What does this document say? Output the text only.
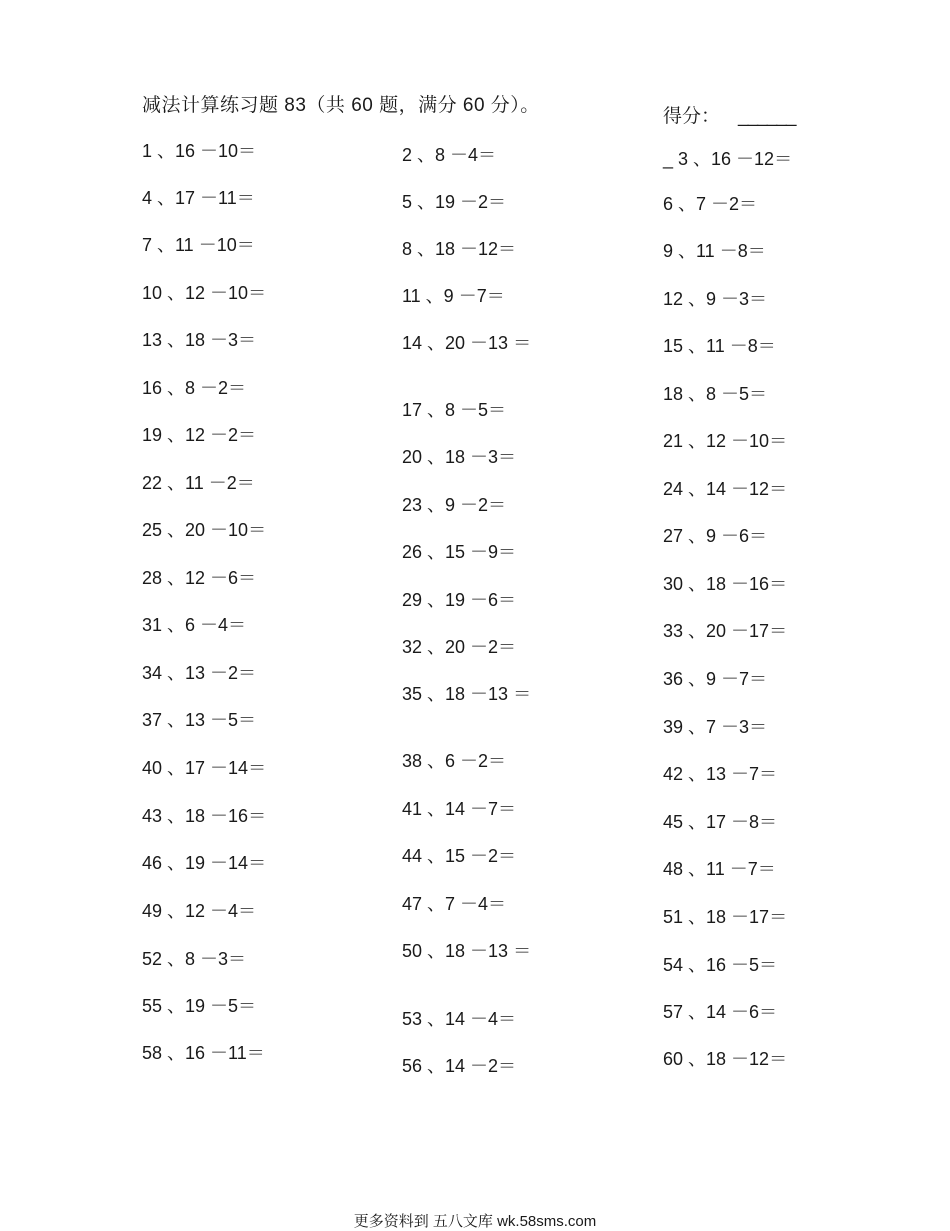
减法计算练习题 83（共 60 题，满分 60 分）。
得分： ______
1 、16 －10＝
4 、17 －11＝
7 、11 －10＝
10 、12 －10＝
13 、18 －3＝
16 、8 －2＝
19 、12 －2＝
22 、11 －2＝
25 、20 －10＝
28 、12 －6＝
31 、6 －4＝
34 、13 －2＝
37 、13 －5＝
40 、17 －14＝
43 、18 －16＝
46 、19 －14＝
49 、12 －4＝
52 、8 －3＝
55 、19 －5＝
58 、16 －11＝
2 、8 －4＝
5 、19 －2＝
8 、18 －12＝
11 、9 －7＝
14 、20 －13 ＝
17 、8 －5＝
20 、18 －3＝
23 、9 －2＝
26 、15 －9＝
29 、19 －6＝
32 、20 －2＝
35 、18 －13 ＝
38 、6 －2＝
41 、14 －7＝
44 、15 －2＝
47 、7 －4＝
50 、18 －13 ＝
53 、14 －4＝
56 、14 －2＝
_ 3 、16 －12＝
6 、7 －2＝
9 、11 －8＝
12 、9 －3＝
15 、11 －8＝
18 、8 －5＝
21 、12 －10＝
24 、14 －12＝
27 、9 －6＝
30 、18 －16＝
33 、20 －17＝
36 、9 －7＝
39 、7 －3＝
42 、13 －7＝
45 、17 －8＝
48 、11 －7＝
51 、18 －17＝
54 、16 －5＝
57 、14 －6＝
60 、18 －12＝
更多资料到 五八文库 wk.58sms.com
